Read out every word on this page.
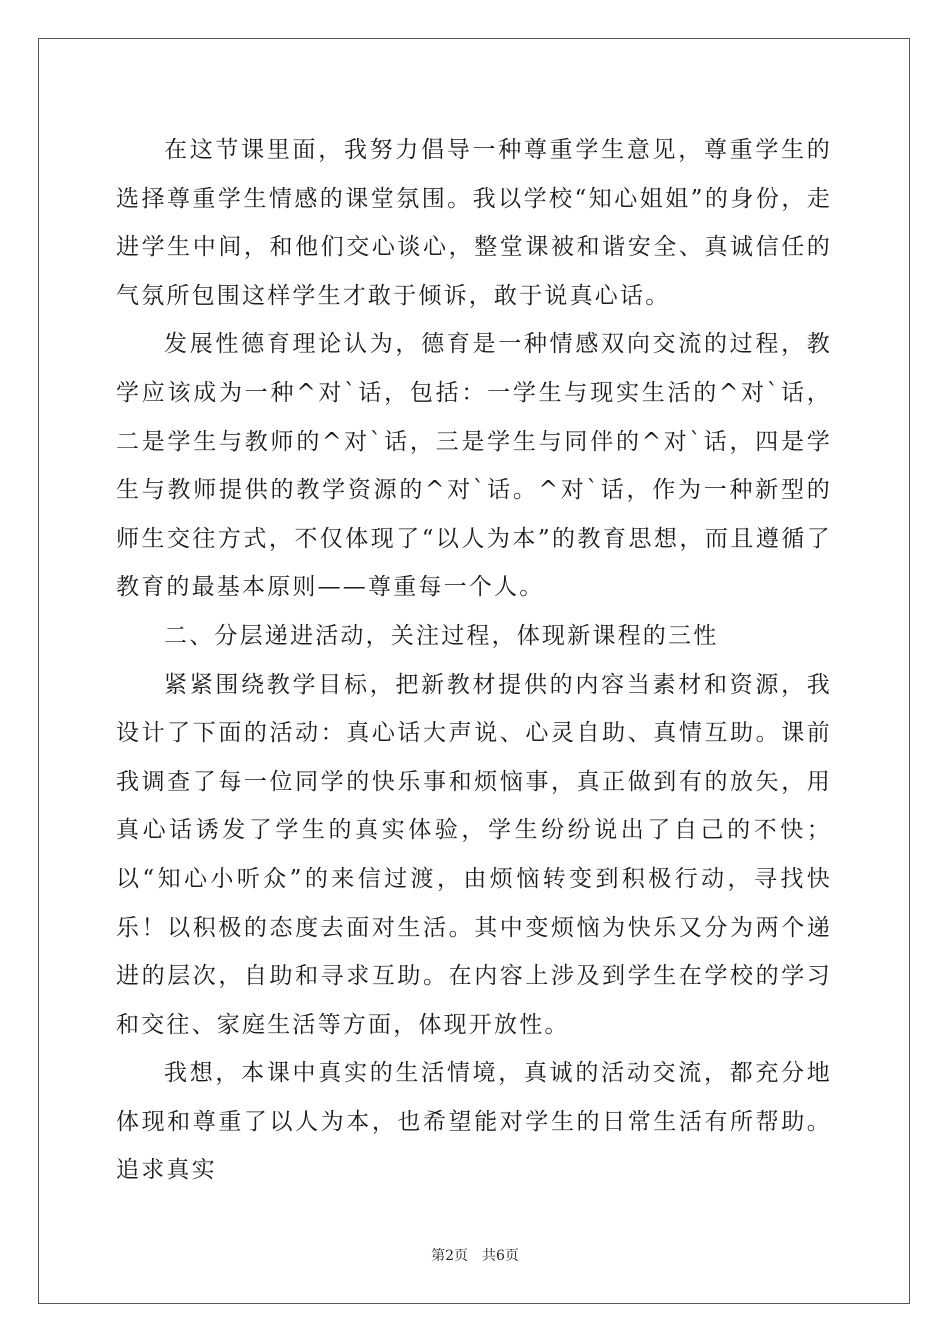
在这节课里面，我努力倡导一种尊重学生意见，尊重学生的选择尊重学生情感的课堂氛围。我以学校“知心姐姐”的身份，走进学生中间，和他们交心谈心，整堂课被和谐安全、真诚信任的气氛所包围这样学生才敢于倾诉，敢于说真心话。

发展性德育理论认为，德育是一种情感双向交流的过程，教学应该成为一种^对`话，包括：一学生与现实生活的^对`话，二是学生与教师的^对`话，三是学生与同伴的^对`话，四是学生与教师提供的教学资源的^对`话。^对`话，作为一种新型的师生交往方式，不仅体现了“以人为本”的教育思想，而且遵循了教育的最基本原则——尊重每一个人。

二、分层递进活动，关注过程，体现新课程的三性

紧紧围绕教学目标，把新教材提供的内容当素材和资源，我设计了下面的活动：真心话大声说、心灵自助、真情互助。课前我调查了每一位同学的快乐事和烦恼事，真正做到有的放矢，用真心话诱发了学生的真实体验，学生纷纷说出了自己的不快；以“知心小听众”的来信过渡，由烦恼转变到积极行动，寻找快乐！以积极的态度去面对生活。其中变烦恼为快乐又分为两个递进的层次，自助和寻求互助。在内容上涉及到学生在学校的学习和交往、家庭生活等方面，体现开放性。

我想，本课中真实的生活情境，真诚的活动交流，都充分地体现和尊重了以人为本，也希望能对学生的日常生活有所帮助。追求真实

第2页 共6页
